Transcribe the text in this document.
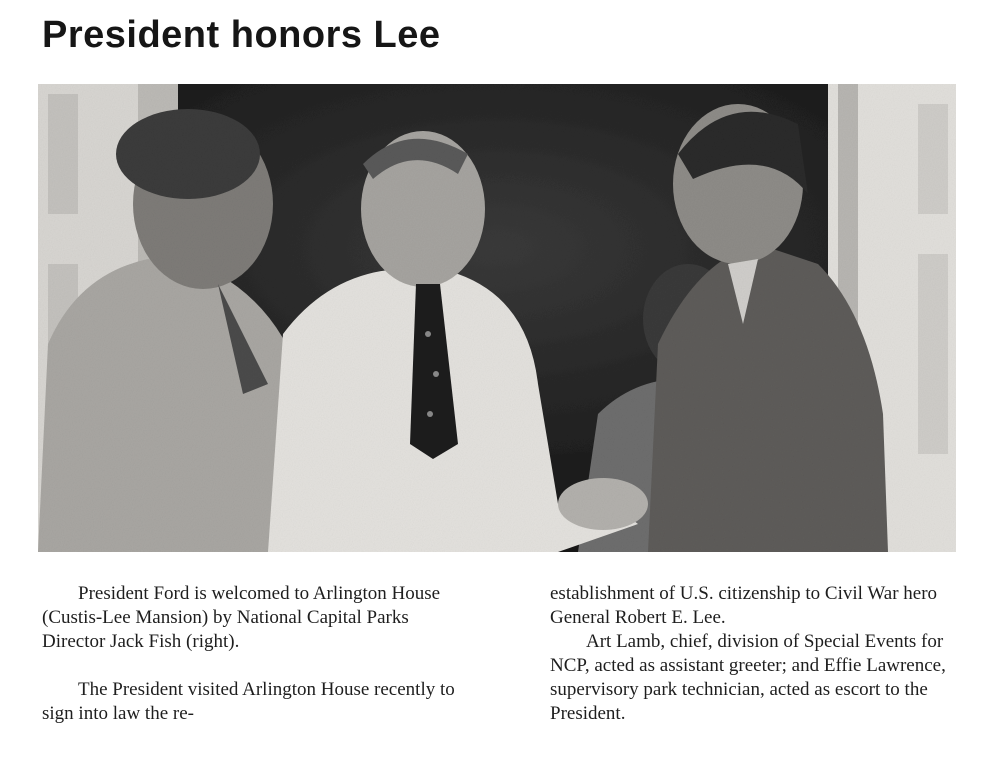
President honors Lee

President Ford is welcomed to Arlington House (Custis-Lee Mansion) by National Capital Parks Director Jack Fish (right).

The President visited Arlington House recently to sign into law the re-

establishment of U.S. citizenship to Civil War hero General Robert E. Lee.

Art Lamb, chief, division of Special Events for NCP, acted as assistant greeter; and Effie Lawrence, supervisory park technician, acted as escort to the President.
